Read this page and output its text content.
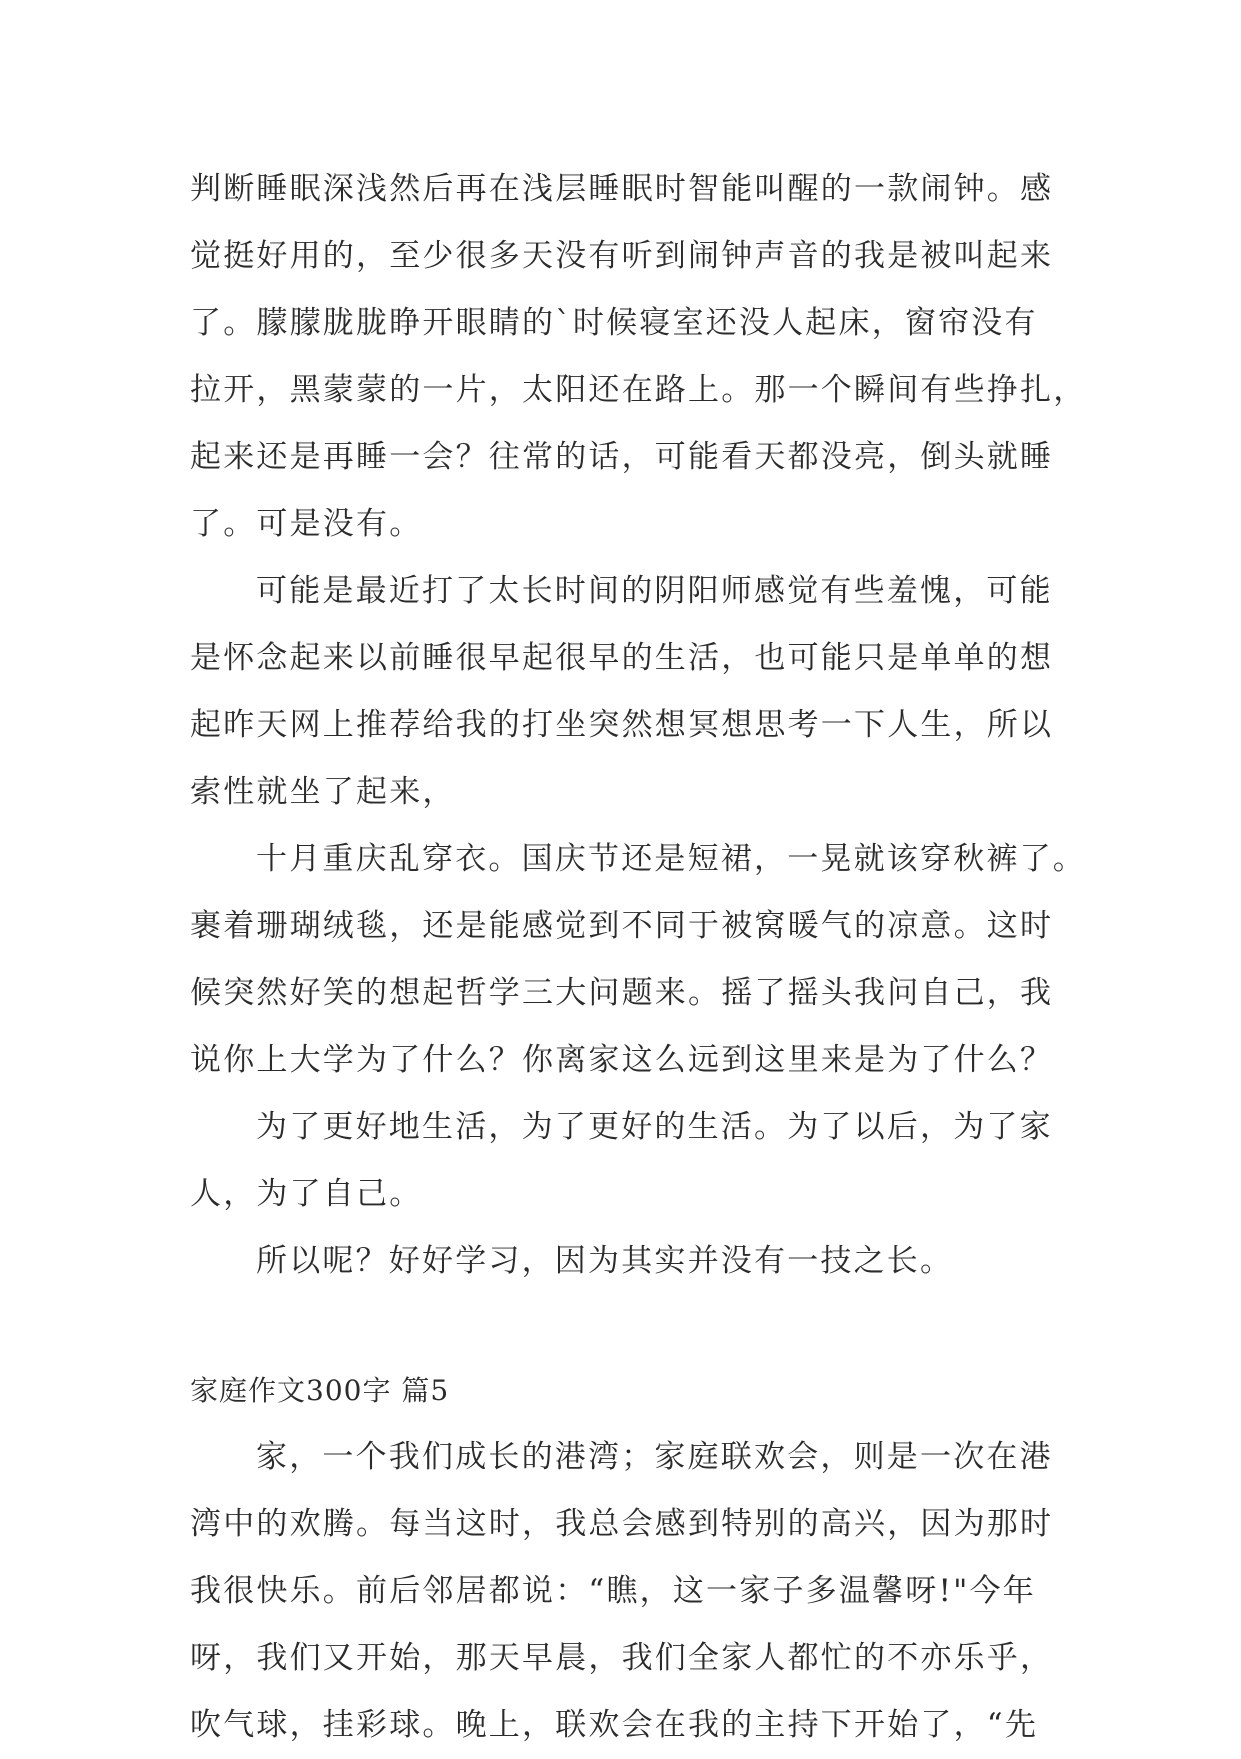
判断睡眠深浅然后再在浅层睡眠时智能叫醒的一款闹钟。感
觉挺好用的，至少很多天没有听到闹钟声音的我是被叫起来
了。朦朦胧胧睁开眼睛的`时候寝室还没人起床，窗帘没有
拉开，黑蒙蒙的一片，太阳还在路上。那一个瞬间有些挣扎，
起来还是再睡一会？往常的话，可能看天都没亮，倒头就睡
了。可是没有。
可能是最近打了太长时间的阴阳师感觉有些羞愧，可能
是怀念起来以前睡很早起很早的生活，也可能只是单单的想
起昨天网上推荐给我的打坐突然想冥想思考一下人生，所以
索性就坐了起来，
十月重庆乱穿衣。国庆节还是短裙，一晃就该穿秋裤了。
裹着珊瑚绒毯，还是能感觉到不同于被窝暖气的凉意。这时
候突然好笑的想起哲学三大问题来。摇了摇头我问自己，我
说你上大学为了什么？你离家这么远到这里来是为了什么？
为了更好地生活，为了更好的生活。为了以后，为了家
人，为了自己。
所以呢？好好学习，因为其实并没有一技之长。
家庭作文300字 篇5
家，一个我们成长的港湾；家庭联欢会，则是一次在港
湾中的欢腾。每当这时，我总会感到特别的高兴，因为那时
我很快乐。前后邻居都说：“瞧，这一家子多温馨呀!"今年
呀，我们又开始，那天早晨，我们全家人都忙的不亦乐乎，
吹气球，挂彩球。晚上，联欢会在我的主持下开始了，“先
